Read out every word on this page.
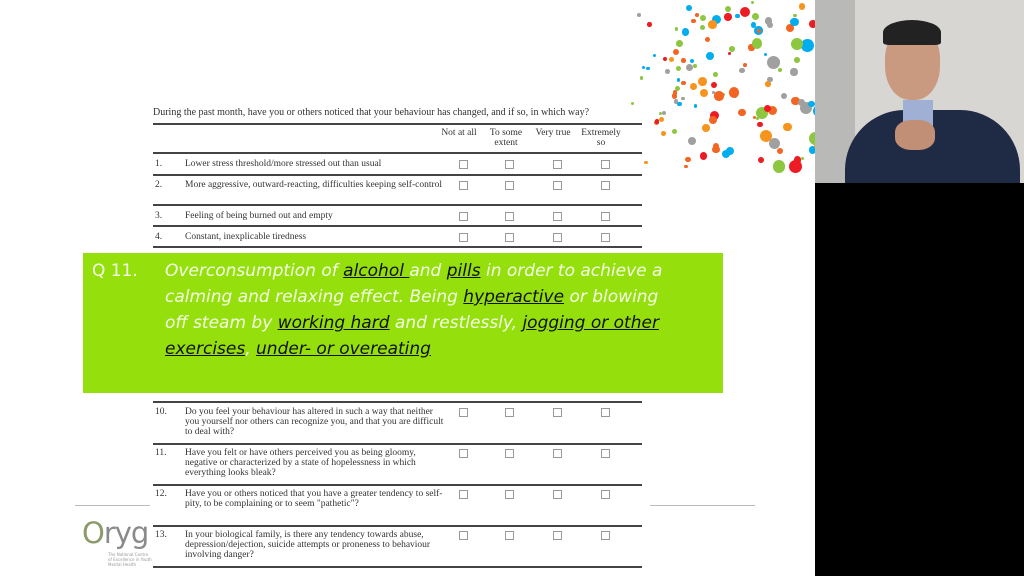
During the past month, have you or others noticed that your behaviour has changed, and if so, in which way?
Not at all	To some extent
Very true	Extremely so
1. Lower stress threshold/more stressed out than usual
2. More aggressive, outward-reacting, difficulties keeping self-control
3. Feeling of being burned out and empty
4. Constant, inexplicable tiredness
10. Do you feel your behaviour has altered in such a way that neither you yourself nor others can recognize you, and that you are difficult to deal with?
11. Have you felt or have others perceived you as being gloomy, negative or characterized by a state of hopelessness in which everything looks bleak?
12. Have you or others noticed that you have a greater tendency to self-pity, to be complaining or to seem "pathetic"?
13. In your biological family, is there any tendency towards abuse, depression/dejection, suicide attempts or proneness to behaviour involving danger?
Q 11. Overconsumption of alcohol and pills in order to achieve a calming and relaxing effect. Being hyperactive or blowing off steam by working hard and restlessly, jogging or other exercises, under- or overeating
Oryg
The National Centre of Excellence in Youth Mental Health
